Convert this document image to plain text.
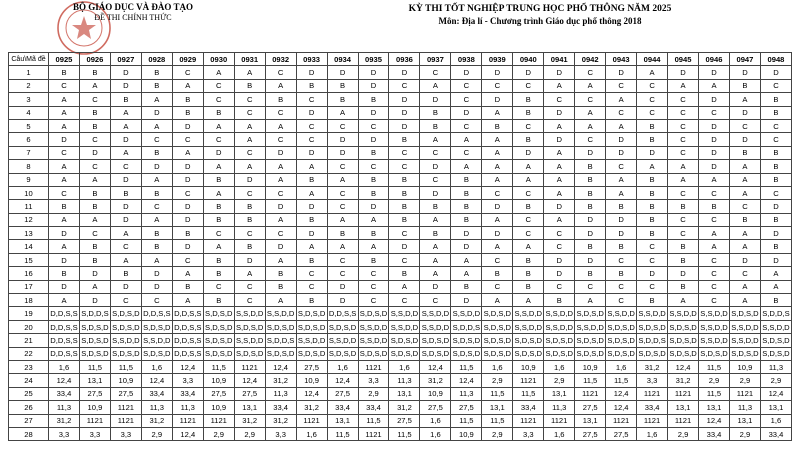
BỘ GIÁO DỤC VÀ ĐÀO TẠO
ĐỀ THI CHÍNH THỨC
KỲ THI TỐT NGHIỆP TRUNG HỌC PHỔ THÔNG NĂM 2025
Môn: Địa lí - Chương trình Giáo dục phổ thông 2018
Câu\Mã đề	0925	0926	0927	0928	0929	0930	0931	0932	0933	0934	0935	0936	0937	0938	0939	0940	0941	0942	0943	0944	0945	0946	0947	0948
1	B	B	D	B	C	A	A	C	D	D	D	D	C	D	D	D	D	C	D	A	D	D	D	D
2	C	A	D	B	A	C	B	A	B	B	D	C	A	C	C	C	A	A	C	C	A	A	B	C
3	A	C	B	A	B	C	C	B	C	B	B	D	D	C	D	B	C	C	A	C	C	D	A	B
4	A	B	A	D	B	B	C	C	D	A	D	D	B	D	A	B	D	A	C	C	C	C	D	B
5	A	B	A	A	D	A	A	A	C	C	C	D	B	C	B	C	A	A	A	B	C	D	C	C
6	D	C	D	C	C	C	A	C	C	D	D	B	A	A	A	B	D	C	D	B	C	D	D	C
7	C	D	A	B	A	D	C	D	D	D	B	C	C	C	A	D	A	D	D	D	C	D	B	B
8	A	C	C	D	D	A	A	A	A	C	C	C	D	A	A	A	A	B	C	A	A	D	A	B
9	A	A	D	A	D	B	D	A	B	A	B	B	C	B	A	A	A	B	A	B	A	A	A	B
10	C	B	B	B	C	A	C	C	A	C	B	B	D	B	C	C	A	B	A	B	C	C	A	C
11	B	B	D	C	D	B	B	D	D	C	D	B	B	B	D	B	D	B	B	B	B	B	C	D
12	A	A	D	A	D	B	B	A	B	A	A	B	A	B	A	C	A	D	D	B	C	C	B	B
13	D	C	A	B	B	C	C	C	D	B	B	C	B	D	D	C	C	D	D	B	C	A	A	D
14	A	B	C	B	D	A	B	D	A	A	A	D	A	D	A	A	C	B	B	C	B	A	A	B
15	D	B	A	A	C	B	D	A	B	C	B	C	A	A	C	B	D	D	C	C	B	C	D	D
16	B	D	B	D	A	B	A	B	C	C	C	B	A	A	B	B	D	B	B	D	D	C	C	A
17	D	A	D	D	B	C	C	B	C	D	C	A	D	B	C	B	C	C	C	C	B	C	A	A
18	A	D	C	C	A	B	C	A	B	D	C	C	C	D	A	A	B	A	C	B	A	C	A	B
19	D,D,S,S	S,D,D,S	S,D,S,D	D,D,S,S	D,D,S,S	S,D,S,D	S,S,D,D	S,S,D,D	S,D,S,D	D,D,S,S	S,D,S,D	S,S,D,D	S,S,D,D	S,S,D,D	S,D,S,D	S,S,D,D	S,S,D,D	S,D,S,D	S,S,D,D	S,S,D,D	S,S,D,D	S,S,D,D	S,D,S,D	S,D,D,S
20	D,D,S,S	S,D,S,D	S,D,S,D	S,D,S,D	D,D,S,S	S,D,S,D	S,D,S,D	S,D,S,D	S,D,S,D	S,D,S,D	S,S,D,D	S,S,D,D	S,S,D,D	S,D,D,S	S,D,S,D	S,S,D,D	S,S,D,D	S,S,D,D	S,D,S,D	S,D,S,D	S,D,S,D	S,S,D,D	S,S,D,D	S,S,D,D
21	D,D,S,S	S,D,S,D	S,S,D,D	S,S,D,D	D,D,S,S	S,D,S,D	S,S,D,D	S,D,D,S	S,S,D,D	S,S,D,D	S,S,D,D	S,D,S,D	S,D,S,D	S,D,S,D	S,D,S,D	S,D,S,D	S,D,S,D	S,D,S,D	S,D,S,D	S,D,D,S	S,D,S,D	S,S,D,D	S,S,D,D	S,D,S,D
22	D,D,S,S	S,D,S,D	S,D,S,D	S,D,S,D	D,D,S,S	S,D,S,D	S,D,S,D	S,D,S,D	S,D,S,D	S,D,S,D	S,D,S,D	S,D,S,D	S,D,S,D	S,D,S,D	S,D,S,D	S,D,S,D	S,D,S,D	S,D,S,D	S,D,S,D	S,D,S,D	S,D,S,D	S,D,S,D	S,D,S,D	S,D,S,D
23	1,6	11,5	11,5	1,6	12,4	11,5	1121	12,4	27,5	1,6	1121	1,6	12,4	11,5	1,6	10,9	1,6	10,9	1,6	31,2	12,4	11,5	10,9	11,3
24	12,4	13,1	10,9	12,4	3,3	10,9	12,4	31,2	10,9	12,4	3,3	11,3	31,2	12,4	2,9	1121	2,9	11,5	11,5	3,3	31,2	2,9	2,9	2,9
25	33,4	27,5	27,5	33,4	33,4	27,5	27,5	11,3	12,4	27,5	2,9	13,1	10,9	11,3	11,5	11,5	13,1	1121	12,4	1121	1121	11,5	1121	12,4
26	11,3	10,9	1121	11,3	11,3	10,9	13,1	33,4	31,2	33,4	33,4	31,2	27,5	27,5	13,1	33,4	11,3	27,5	12,4	33,4	13,1	13,1	11,3	13,1
27	31,2	1121	1121	31,2	1121	1121	31,2	31,2	1121	13,1	11,5	27,5	1,6	11,5	11,5	1121	1121	13,1	1121	1121	1121	12,4	13,1	1,6
28	3,3	3,3	3,3	2,9	12,4	2,9	2,9	3,3	1,6	11,5	1121	11,5	1,6	10,9	2,9	3,3	1,6	27,5	27,5	1,6	2,9	33,4	2,9	33,4
